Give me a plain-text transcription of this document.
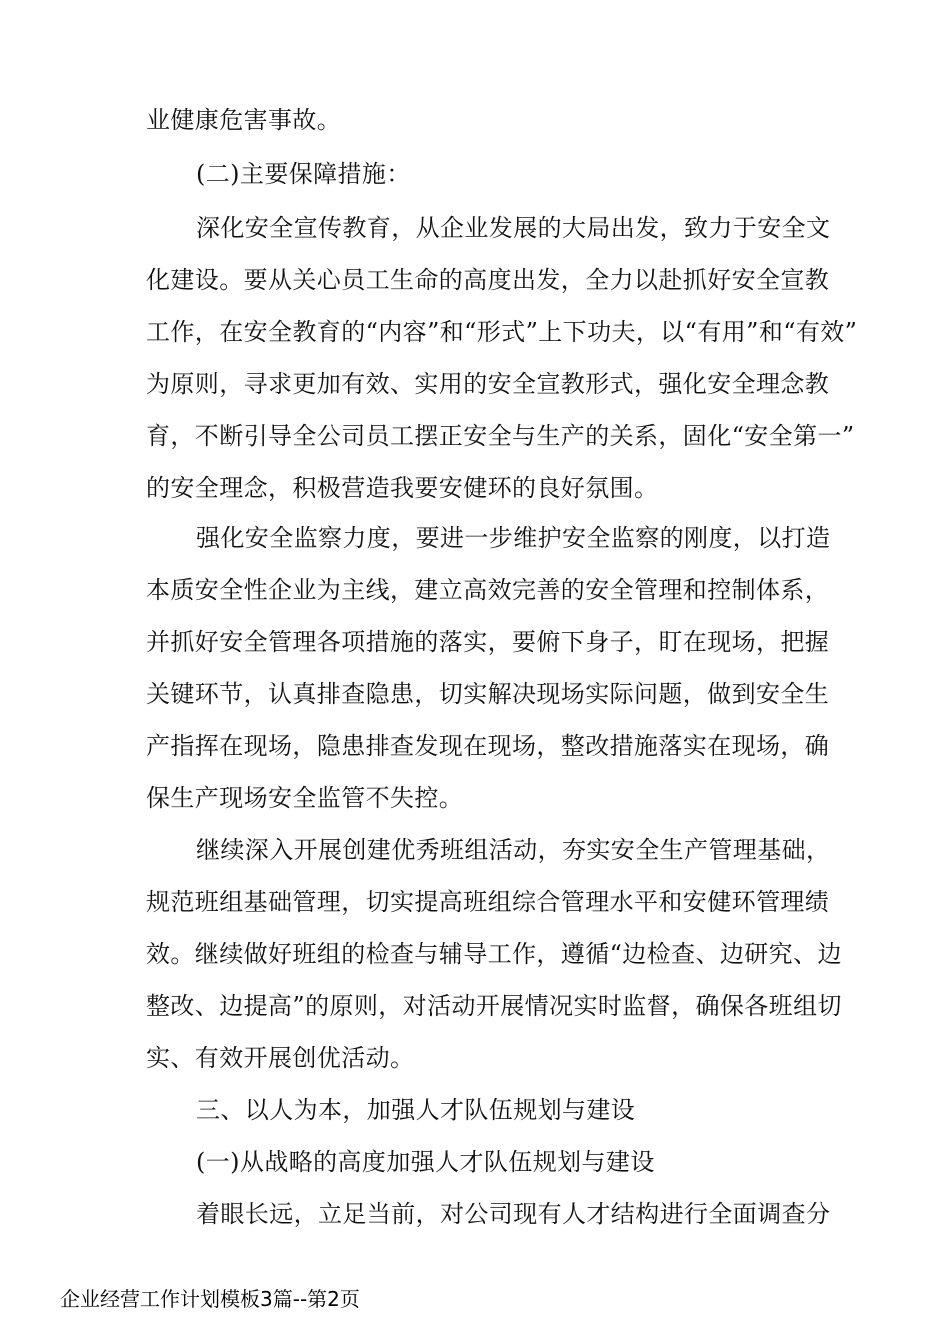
业健康危害事故。
(二)主要保障措施：
深化安全宣传教育，从企业发展的大局出发，致力于安全文
化建设。要从关心员工生命的高度出发，全力以赴抓好安全宣教
工作，在安全教育的“内容”和“形式”上下功夫，以“有用”和“有效”
为原则，寻求更加有效、实用的安全宣教形式，强化安全理念教
育，不断引导全公司员工摆正安全与生产的关系，固化“安全第一”
的安全理念，积极营造我要安健环的良好氛围。
强化安全监察力度，要进一步维护安全监察的刚度，以打造
本质安全性企业为主线，建立高效完善的安全管理和控制体系，
并抓好安全管理各项措施的落实，要俯下身子，盯在现场，把握
关键环节，认真排查隐患，切实解决现场实际问题，做到安全生
产指挥在现场，隐患排查发现在现场，整改措施落实在现场，确
保生产现场安全监管不失控。
继续深入开展创建优秀班组活动，夯实安全生产管理基础，
规范班组基础管理，切实提高班组综合管理水平和安健环管理绩
效。继续做好班组的检查与辅导工作，遵循“边检查、边研究、边
整改、边提高”的原则，对活动开展情况实时监督，确保各班组切
实、有效开展创优活动。
三、以人为本，加强人才队伍规划与建设
(一)从战略的高度加强人才队伍规划与建设
着眼长远，立足当前，对公司现有人才结构进行全面调查分
企业经营工作计划模板3篇--第2页
